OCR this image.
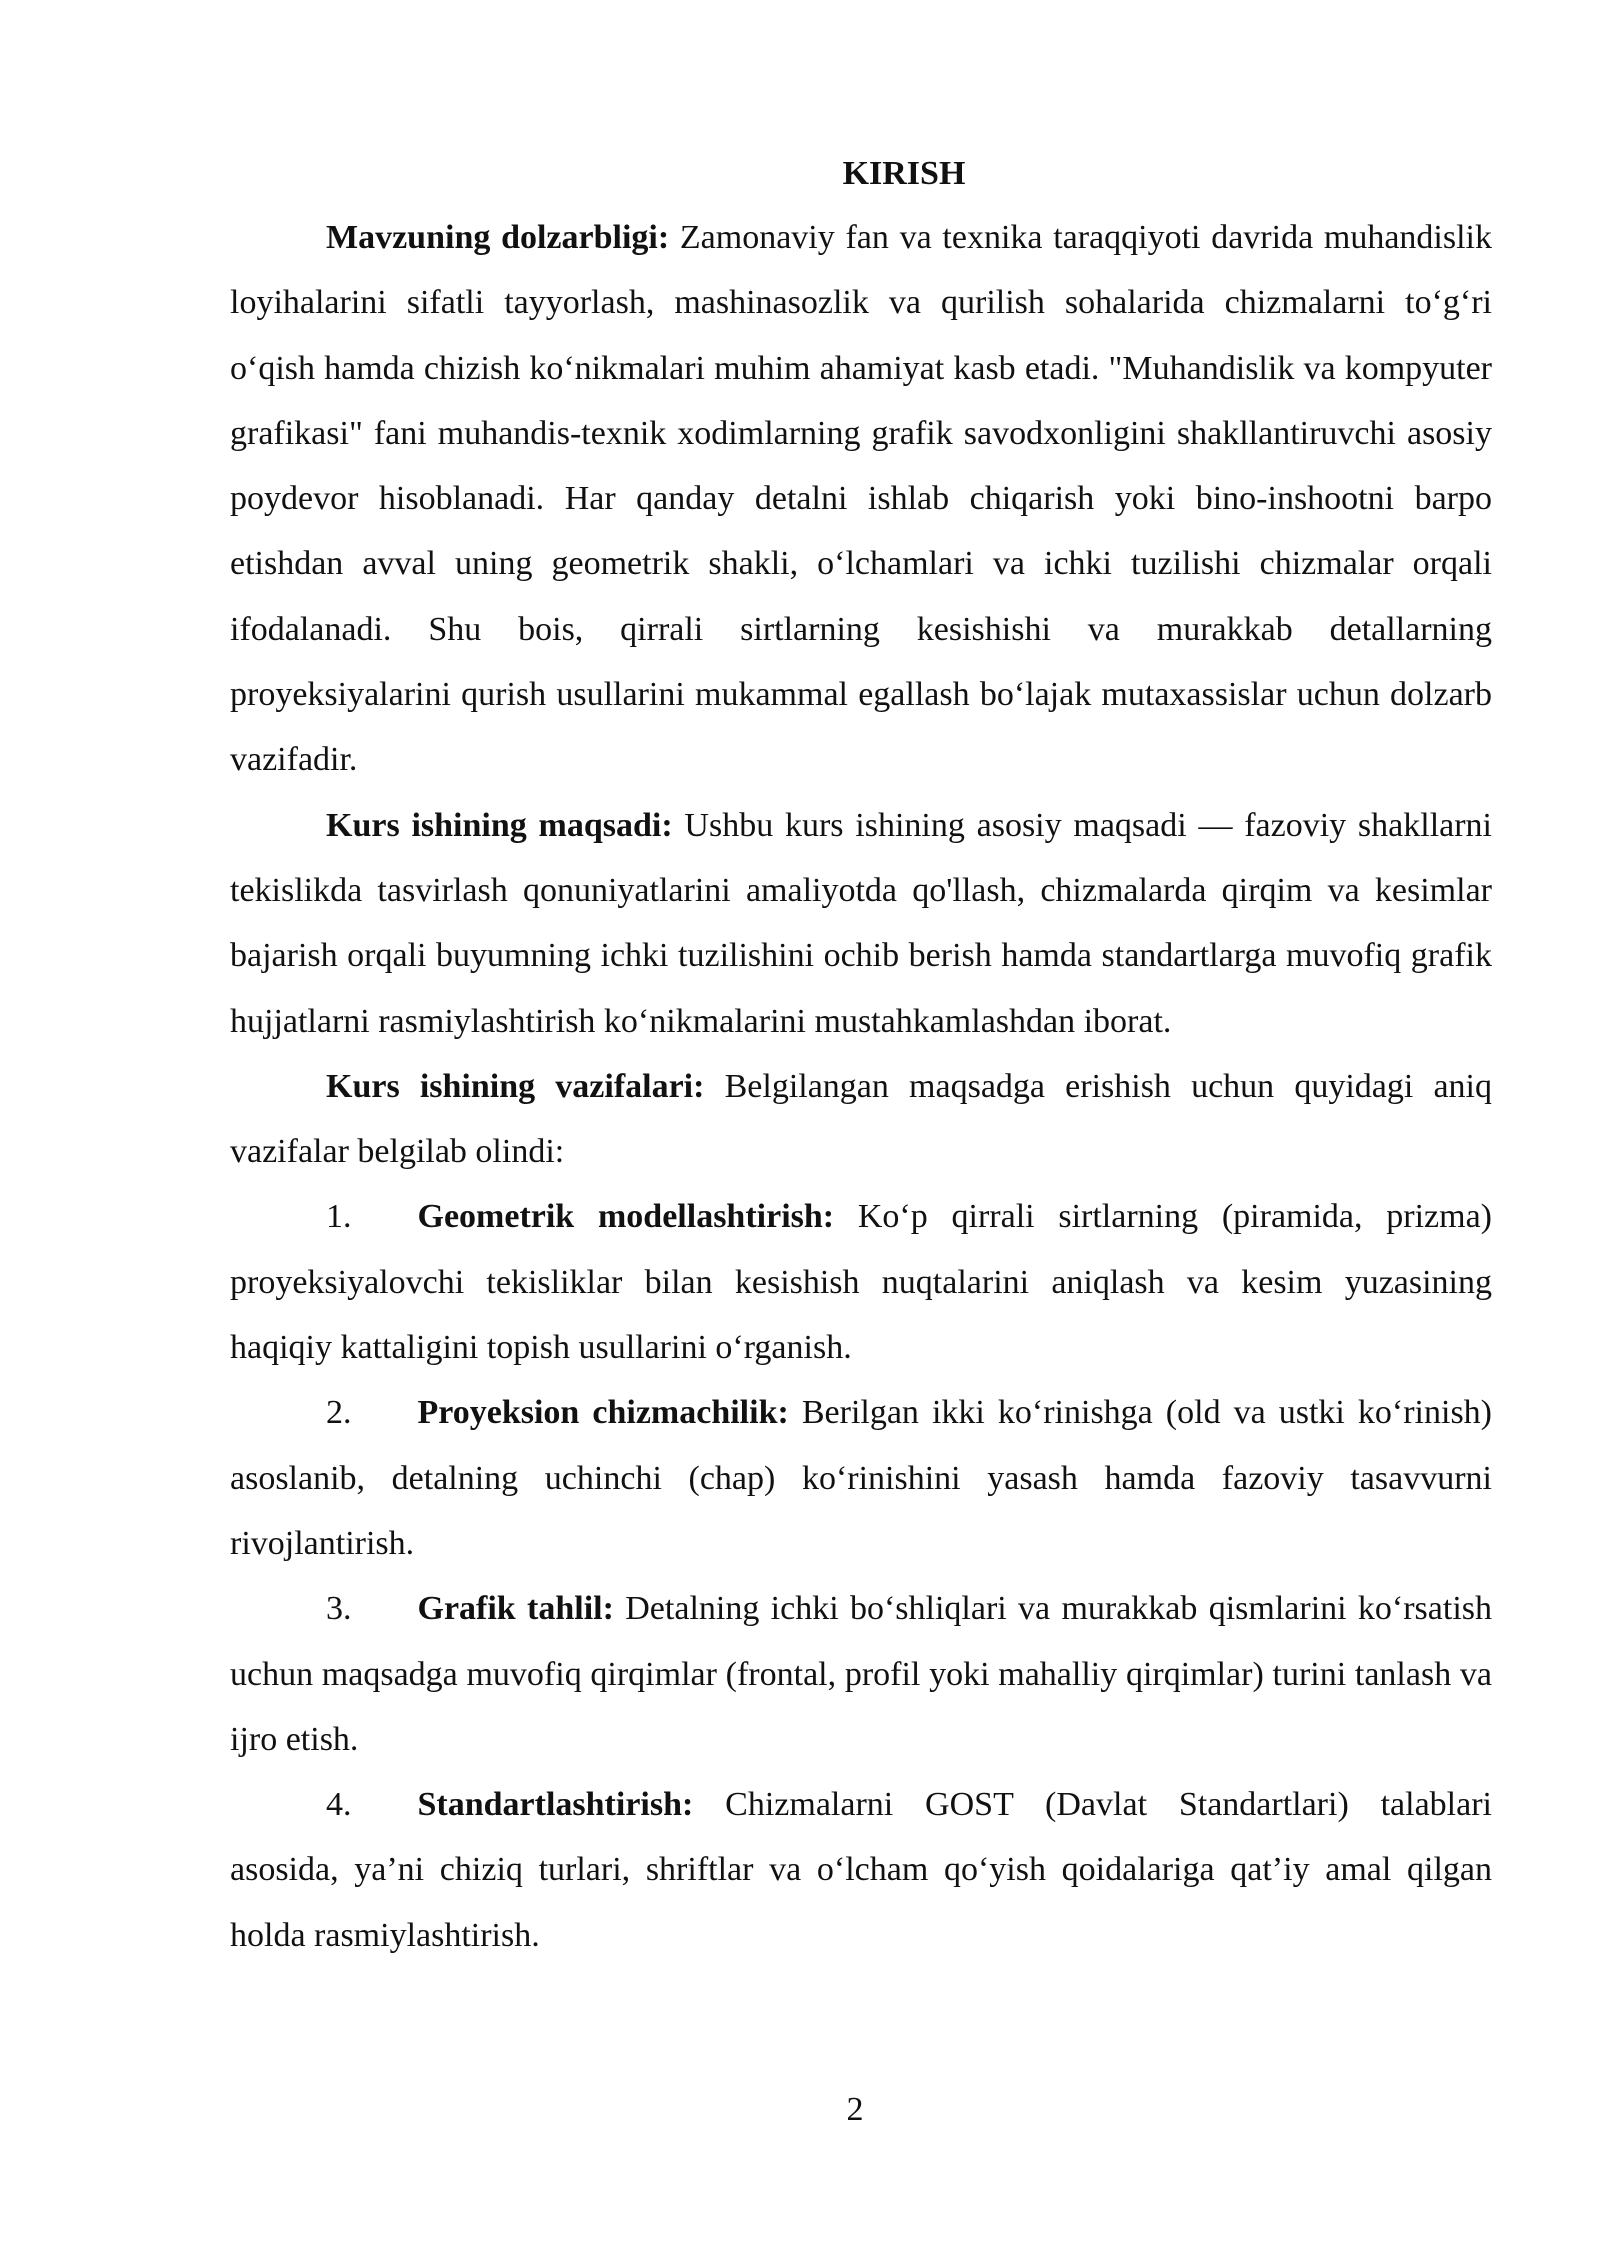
KIRISH

Mavzuning dolzarbligi: Zamonaviy fan va texnika taraqqiyoti davrida muhandislik loyihalarini sifatli tayyorlash, mashinasozlik va qurilish sohalarida chizmalarni to‘g‘ri o‘qish hamda chizish ko‘nikmalari muhim ahamiyat kasb etadi. "Muhandislik va kompyuter grafikasi" fani muhandis-texnik xodimlarning grafik savodxonligini shakllantiruvchi asosiy poydevor hisoblanadi. Har qanday detalni ishlab chiqarish yoki bino-inshootni barpo etishdan avval uning geometrik shakli, o‘lchamlari va ichki tuzilishi chizmalar orqali ifodalanadi. Shu bois, qirrali sirtlarning kesishishi va murakkab detallarning proyeksiyalarini qurish usullarini mukammal egallash bo‘lajak mutaxassislar uchun dolzarb vazifadir.

Kurs ishining maqsadi: Ushbu kurs ishining asosiy maqsadi — fazoviy shakllarni tekislikda tasvirlash qonuniyatlarini amaliyotda qo'llash, chizmalarda qirqim va kesimlar bajarish orqali buyumning ichki tuzilishini ochib berish hamda standartlarga muvofiq grafik hujjatlarni rasmiylashtirish ko‘nikmalarini mustahkamlashdan iborat.

Kurs ishining vazifalari: Belgilangan maqsadga erishish uchun quyidagi aniq vazifalar belgilab olindi:

1. Geometrik modellashtirish: Ko‘p qirrali sirtlarning (piramida, prizma) proyeksiyalovchi tekisliklar bilan kesishish nuqtalarini aniqlash va kesim yuzasining haqiqiy kattaligini topish usullarini o‘rganish.

2. Proyeksion chizmachilik: Berilgan ikki ko‘rinishga (old va ustki ko‘rinish) asoslanib, detalning uchinchi (chap) ko‘rinishini yasash hamda fazoviy tasavvurni rivojlantirish.

3. Grafik tahlil: Detalning ichki bo‘shliqlari va murakkab qismlarini ko‘rsatish uchun maqsadga muvofiq qirqimlar (frontal, profil yoki mahalliy qirqimlar) turini tanlash va ijro etish.

4. Standartlashtirish: Chizmalarni GOST (Davlat Standartlari) talablari asosida, ya’ni chiziq turlari, shriftlar va o‘lcham qo‘yish qoidalariga qat’iy amal qilgan holda rasmiylashtirish.

2
